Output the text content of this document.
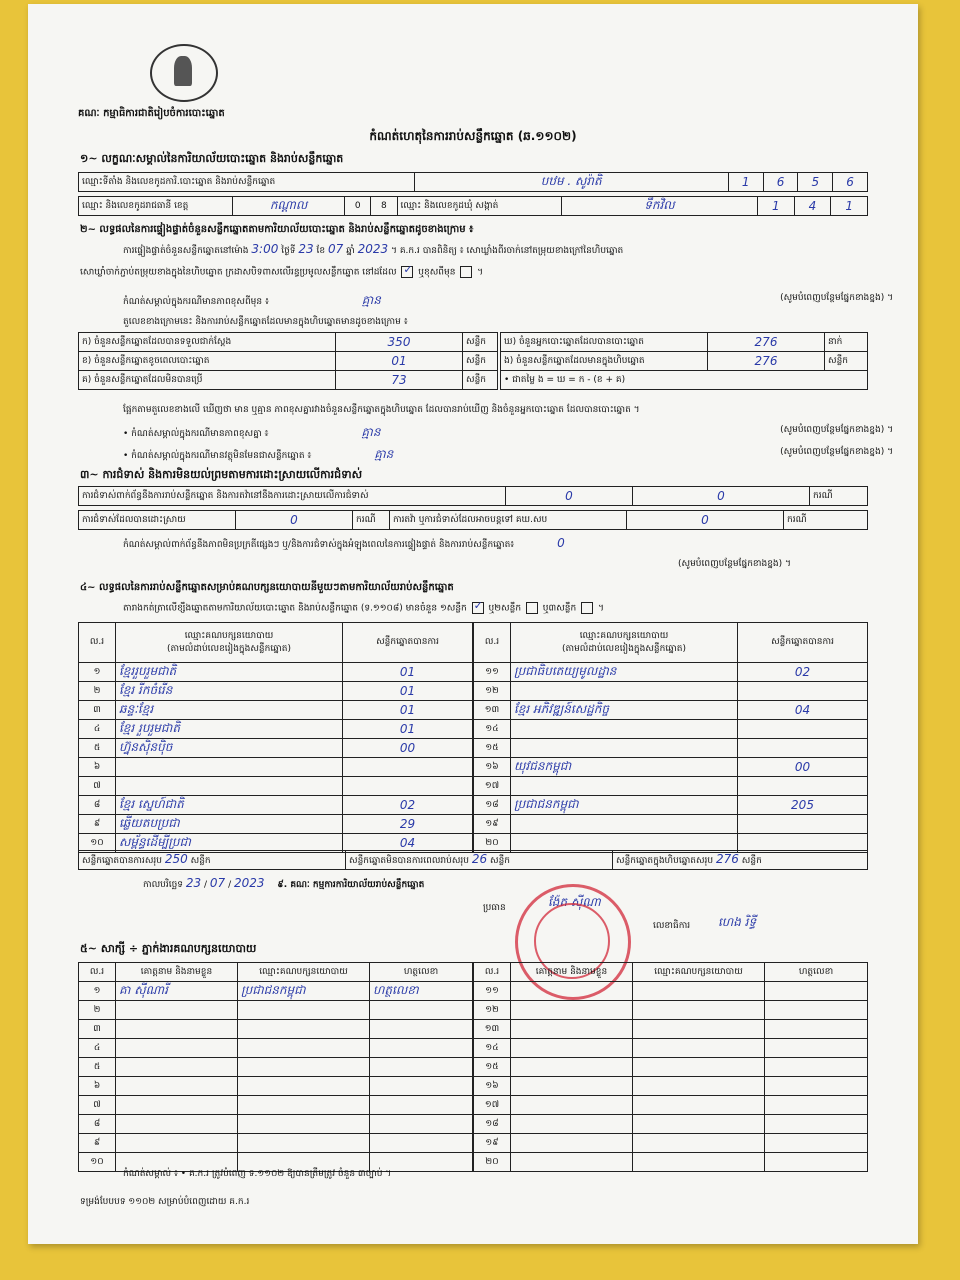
គណៈ កម្មាធិការជាតិរៀបចំការបោះឆ្នោត
កំណត់ហេតុនៃការរាប់សន្លឹកឆ្នោត (ឆ.១១០២)
១~ លក្ខណៈសម្គាល់នៃការិយាល័យបោះឆ្នោត និងរាប់សន្លឹកឆ្នោត
ឈ្មោះទីតាំង និងលេខកូដការិ.បោះឆ្នោត និងរាប់សន្លឹកឆ្នោត	បឋម . សូរ៉ាតិ	1	6	5	6
ឈ្មោះ និងលេខកូដរាជធានី ខេត្ត	កណ្ដាល	0	8	ឈ្មោះ និងលេខកូដឃុំ សង្កាត់	ទឹកវិល	1	4	1
២~ លទ្ធផលនៃការផ្ទៀងផ្ទាត់ចំនួនសន្លឹកឆ្នោតតាមការិយាល័យបោះឆ្នោត និងរាប់សន្លឹកឆ្នោតដូចខាងក្រោម ៖
ការផ្ទៀងផ្ទាត់ចំនួនសន្លឹកឆ្នោតនៅម៉ោង 3:00 ថ្ងៃទី 23 ខែ 07 ឆ្នាំ 2023 ។ គ.ក.រ បានពិនិត្យ ៖ សោឃ្លាំងពីរចាក់នៅតម្រុយខាងក្រៅនៃហិបឆ្នោត
សោឃ្លាំចាក់ភ្ជាប់តម្រុយខាងក្នុងនៃហិបឆ្នោត ក្រដាសបិទពាសលើរន្ធប្រមូលសន្លឹកឆ្នោត នៅដដែល ✓ ឬខុសពីមុន  ។
កំណត់សម្គាល់ក្នុងករណីមានភាពខុសពីមុន ៖	គ្មាន	(សូមបំពេញបន្ថែមផ្នែកខាងខ្នង) ។
តួលេខខាងក្រោមនេះ និងការរាប់សន្លឹកឆ្នោតដែលមានក្នុងហិបឆ្នោតមានដូចខាងក្រោម ៖
ក) ចំនួនសន្លឹកឆ្នោតដែលបានទទួលជាក់ស្តែង	350	សន្លឹក
ខ) ចំនួនសន្លឹកឆ្នោតខូចពេលបោះឆ្នោត	01	សន្លឹក
គ) ចំនួនសន្លឹកឆ្នោតដែលមិនបានប្រើ	73	សន្លឹក
ឃ) ចំនួនអ្នកបោះឆ្នោតដែលបានបោះឆ្នោត	276	នាក់
ង) ចំនួនសន្លឹកឆ្នោតដែលមានក្នុងហិបឆ្នោត	276	សន្លឹក
• ជាតម្លៃ ង = ឃ = ក - (ខ + គ)		
ផ្អែកតាមតួលេខខាងលើ ឃើញថា មាន ឬគ្មាន ភាពខុសគ្នារវាងចំនួនសន្លឹកឆ្នោតក្នុងហិបឆ្នោត ដែលបានរាប់ឃើញ និងចំនួនអ្នកបោះឆ្នោត ដែលបានបោះឆ្នោត ។
• កំណត់សម្គាល់ក្នុងករណីមានភាពខុសគ្នា ៖	គ្មាន	(សូមបំពេញបន្ថែមផ្នែកខាងខ្នង) ។
• កំណត់សម្គាល់ក្នុងករណីមានវត្ថុមិនមែនជាសន្លឹកឆ្នោត ៖	គ្មាន	(សូមបំពេញបន្ថែមផ្នែកខាងខ្នង) ។
៣~ ការជំទាស់ និងការមិនយល់ព្រមតាមការដោះស្រាយលើការជំទាស់
ការជំទាស់ពាក់ព័ន្ធនឹងការរាប់សន្លឹកឆ្នោត និងការតវ៉ានៅនឹងការដោះស្រាយលើការជំទាស់	0	0	ករណី
ការជំទាស់ដែលបានដោះស្រាយ	0	ករណី	ការតវ៉ា ឬការជំទាស់ដែលអាចបន្តទៅ គឃ.សប	0	ករណី
កំណត់សម្គាល់ពាក់ព័ន្ធនឹងភាពមិនប្រក្រតីផ្សេងៗ ឬ/និងការជំទាស់ក្នុងអំឡុងពេលនៃការផ្ទៀងផ្ទាត់ និងការរាប់សន្លឹកឆ្នោត៖	0
(សូមបំពេញបន្ថែមផ្នែកខាងខ្នង) ។
៤~ លទ្ធផលនៃការរាប់សន្លឹកឆ្នោតសម្រាប់គណបក្សនយោបាយនីមួយៗតាមការិយាល័យរាប់សន្លឹកឆ្នោត
តារាងកត់ត្រាលើខ្សឹងឆ្នោតតាមការិយាល័យបោះឆ្នោត និងរាប់សន្លឹកឆ្នោត (ទ.១១០៨) មានចំនួន ១សន្លឹក ✓ ឬ២សន្លឹក ឬ៣សន្លឹក  ។
ល.រ	ឈ្មោះគណបក្សនយោបាយ
(តាមលំដាប់លេខរៀងក្នុងសន្លឹកឆ្នោត)	សន្លឹកឆ្នោតបានការ
១	ខ្មែររួបរួមជាតិ	01
២	ខ្មែរ រីកចំរើន	01
៣	ឆន្ទៈខ្មែរ	01
៤	ខ្មែរ រួបរួមជាតិ	01
៥	ហ្វ៊ុនស៊ិនប៉ិច	00
៦		
៧		
៨	ខ្មែរ ស្នេហ៍ជាតិ	02
៩	ឆ្លើយតបប្រជា	29
១០	សម្ព័ន្ធដើម្បីប្រជា	04
ល.រ	ឈ្មោះគណបក្សនយោបាយ
(តាមលំដាប់លេខរៀងក្នុងសន្លឹកឆ្នោត)	សន្លឹកឆ្នោតបានការ
១១	ប្រជាធិបតេយ្យមូលដ្ឋាន	02
១២		
១៣	ខ្មែរ អភិវឌ្ឍន៍សេដ្ឋកិច្ច	04
១៤		
១៥		
១៦	យុវជនកម្ពុជា	00
១៧		
១៨	ប្រជាជនកម្ពុជា	205
១៩		
២០		
សន្លឹកឆ្នោតបានការសរុប 250 សន្លឹក	សន្លឹកឆ្នោតមិនបានការពេលរាប់សរុប 26 សន្លឹក	សន្លឹកឆ្នោតក្នុងហិបឆ្នោតសរុប 276 សន្លឹក
កាលបរិច្ឆេទ 23 / 07 / 2023 ៩. គណៈ កម្មការការិយាល័យរាប់សន្លឹកឆ្នោត
ប្រធាន	ង៉ែត ស៊ីណា
លេខាធិការ ហេង រិទ្ធី
៥~ សាក្សី ÷ ភ្នាក់ងារគណបក្សនយោបាយ
ល.រ	គោត្តនាម និងនាមខ្លួន	ឈ្មោះគណបក្សនយោបាយ	ហត្ថលេខា
១	គា ស៊ីណារី	ប្រជាជនកម្ពុជា	ហត្ថលេខា
២			
៣			
៤			
៥			
៦			
៧			
៨			
៩			
១០			
ល.រ	គោត្តនាម និងនាមខ្លួន	ឈ្មោះគណបក្សនយោបាយ	ហត្ថលេខា
១១			
១២			
១៣			
១៤			
១៥			
១៦			
១៧			
១៨			
១៩			
២០			
កំណត់សម្គាល់ ៖ • គ.ក.រ ត្រូវបំពេញ ទ.១១០២ ឱ្យបានត្រឹមត្រូវ ចំនួន ៣ច្បាប់ ។
ទម្រង់បែបបទ ១១០២ សម្រាប់បំពេញដោយ គ.ក.រ
